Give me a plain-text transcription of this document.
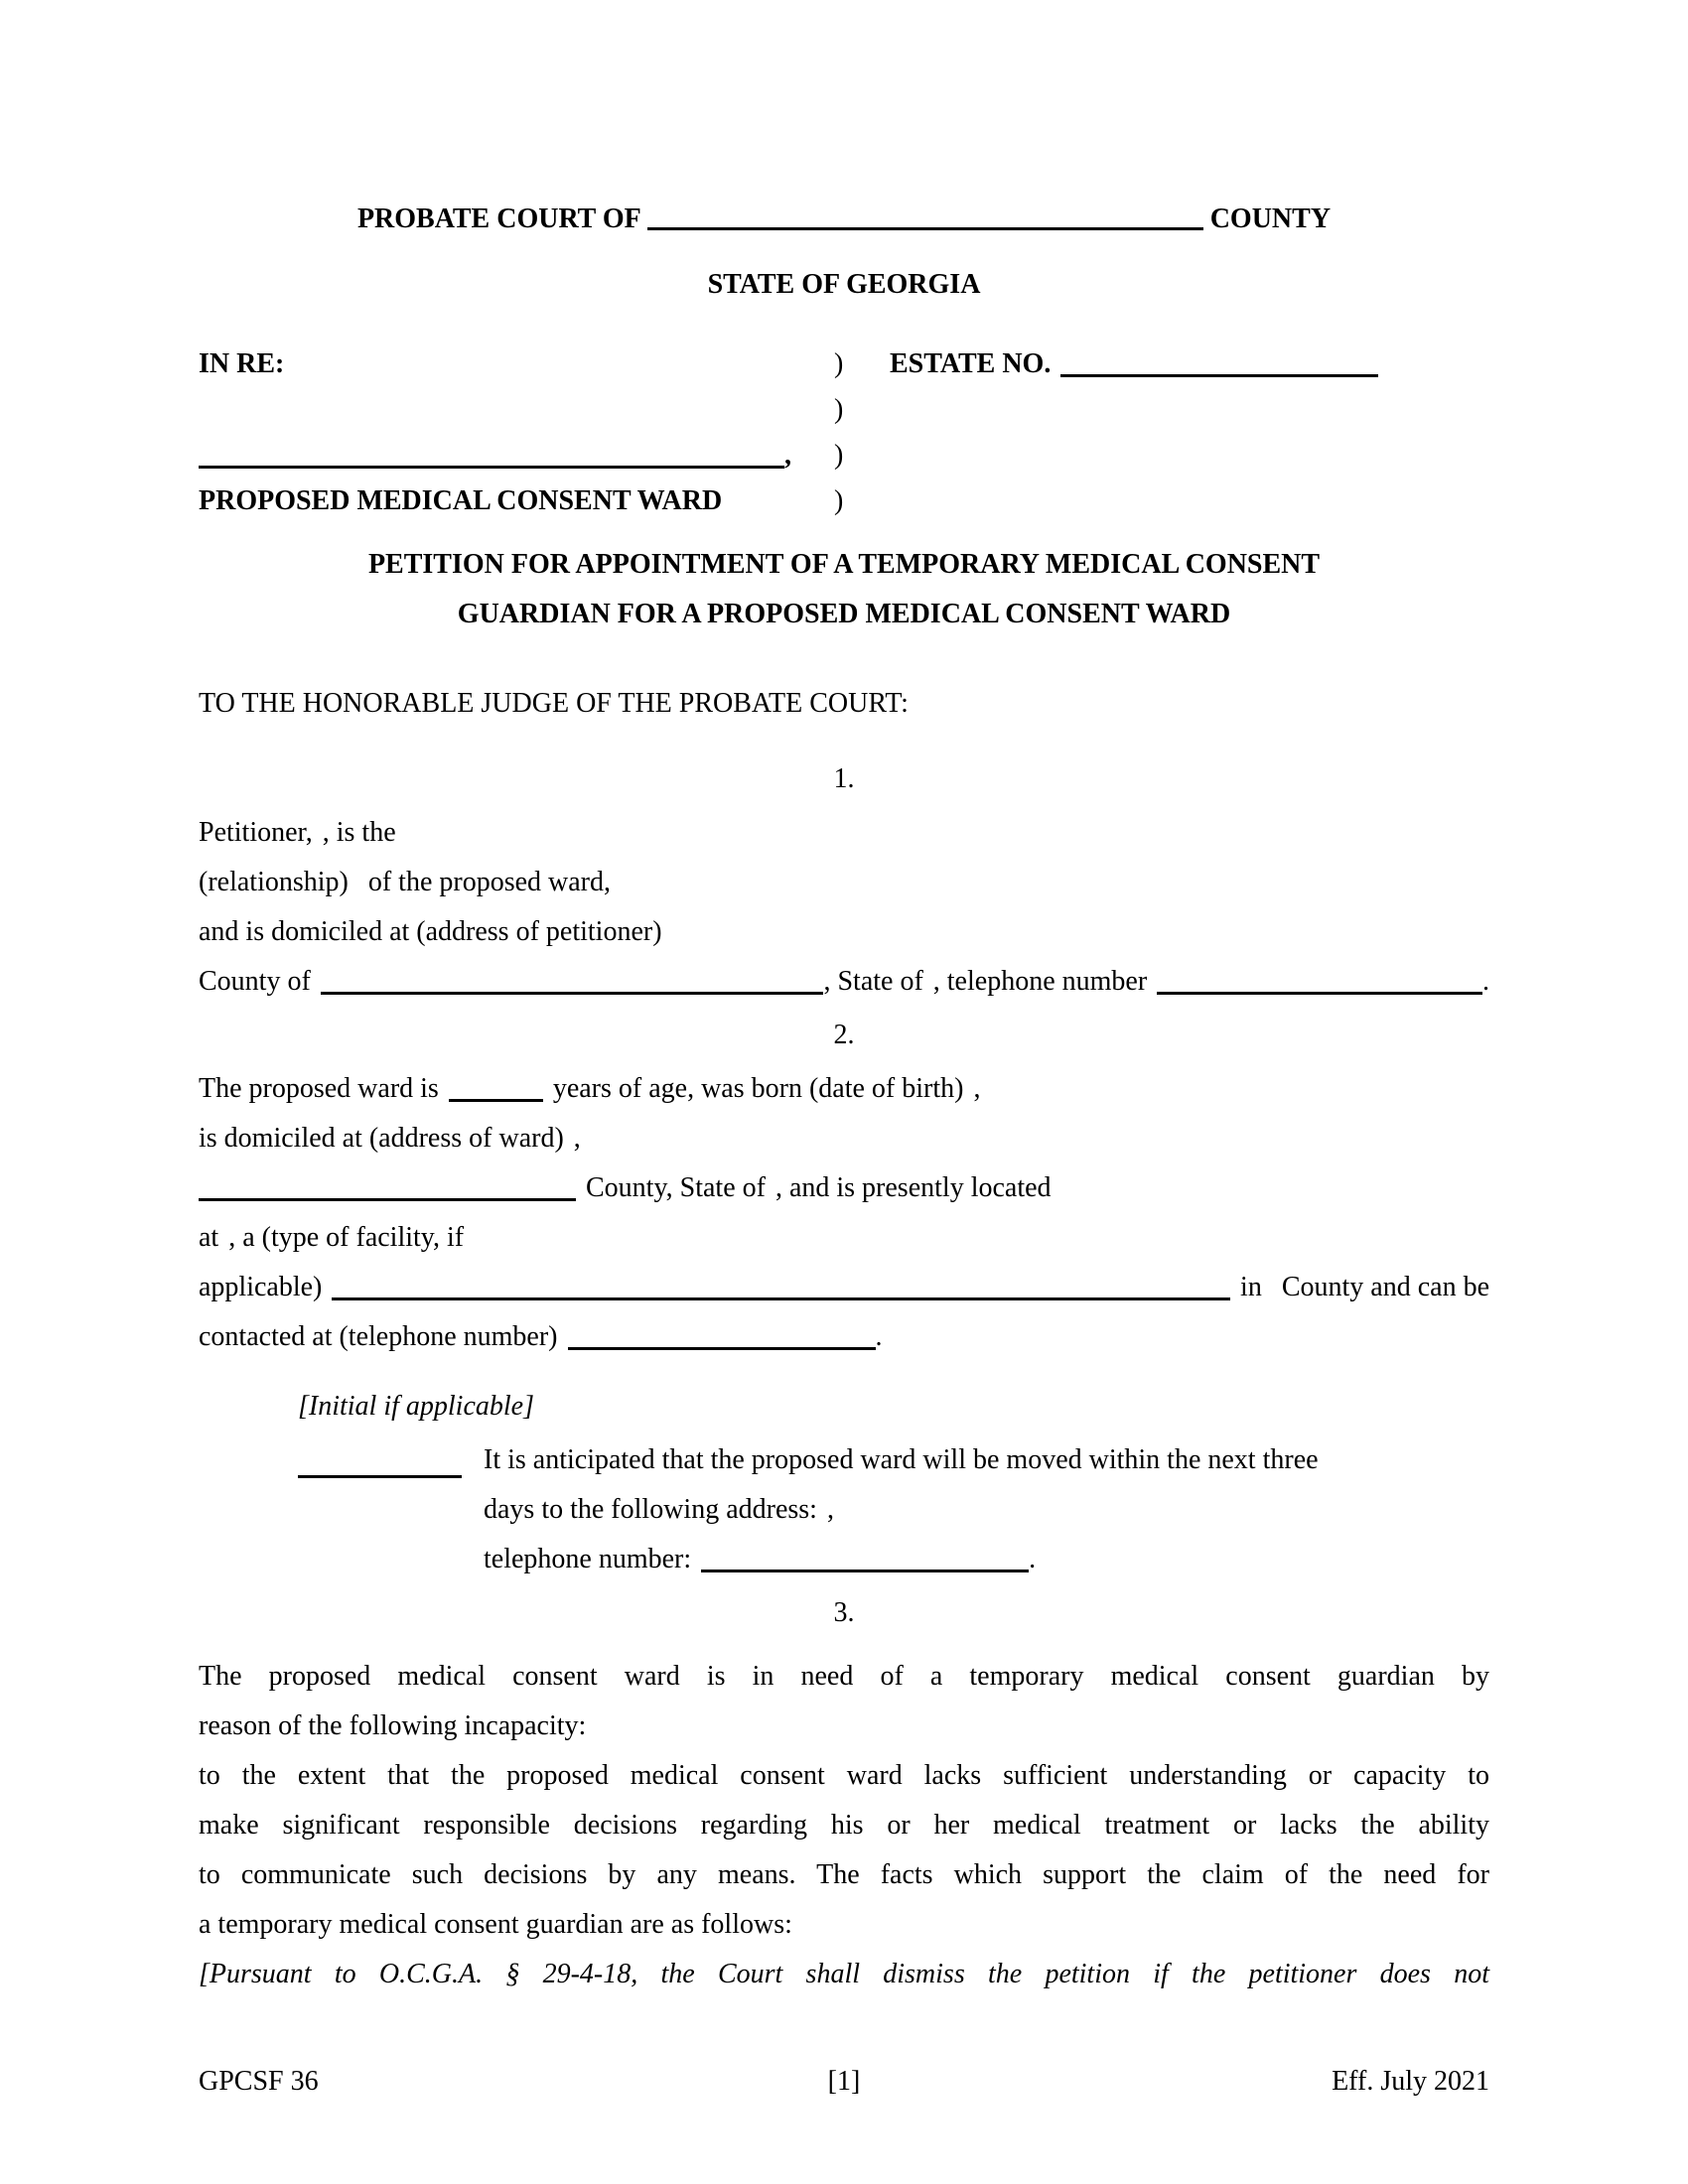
PROBATE COURT OF	COUNTY
STATE OF GEORGIA
IN RE:	)	ESTATE NO.
)
, )
PROPOSED MEDICAL CONSENT WARD	)
PETITION FOR APPOINTMENT OF A TEMPORARY MEDICAL CONSENT
GUARDIAN FOR A PROPOSED MEDICAL CONSENT WARD
TO THE HONORABLE JUDGE OF THE PROBATE COURT:
1.
Petitioner, , is the
(relationship) of the proposed ward,
and is domiciled at (address of petitioner)
County of	, State of , telephone number	.
2.
The proposed ward is	years of age, was born (date of birth) ,
is domiciled at (address of ward) ,
County, State of , and is presently located
at , a (type of facility, if
applicable)	in County and can be
contacted at (telephone number)	.
[Initial if applicable]
It is anticipated that the proposed ward will be moved within the next three
days to the following address: ,
telephone number:	.
3.
The proposed medical consent ward is in need of a temporary medical consent guardian by
reason of the following incapacity:
to the extent that the proposed medical consent ward lacks sufficient understanding or capacity to
make significant responsible decisions regarding his or her medical treatment or lacks the ability
to communicate such decisions by any means. The facts which support the claim of the need for
a temporary medical consent guardian are as follows:
[Pursuant to O.C.G.A. § 29-4-18, the Court shall dismiss the petition if the petitioner does not
GPCSF 36	[1]	Eff. July 2021
